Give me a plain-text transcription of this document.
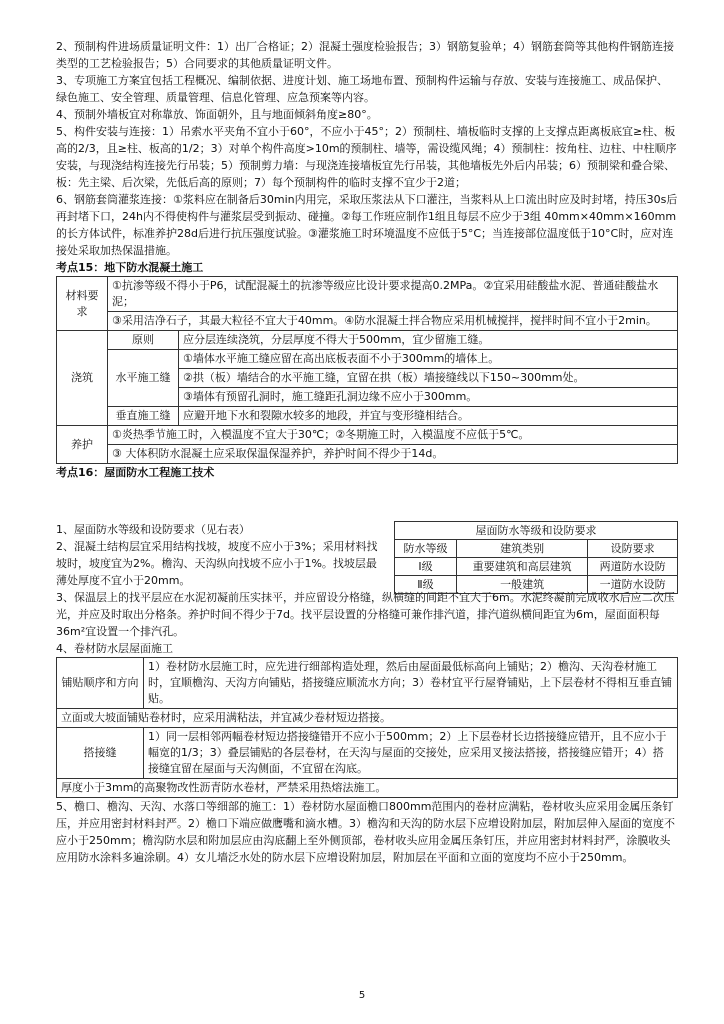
2、预制构件进场质量证明文件：1）出厂合格证；2）混凝土强度检验报告；3）钢筋复验单；4）钢筋套筒等其他构件钢筋连接类型的工艺检验报告；5）合同要求的其他质量证明文件。

3、专项施工方案宜包括工程概况、编制依据、进度计划、施工场地布置、预制构件运输与存放、安装与连接施工、成品保护、绿色施工、安全管理、质量管理、信息化管理、应急预案等内容。

4、预制外墙板宜对称靠放、饰面朝外，且与地面倾斜角度≥80°。

5、构件安装与连接：1）吊索水平夹角不宜小于60°，不应小于45°；2）预制柱、墙板临时支撑的上支撑点距离板底宜≥柱、板高的2/3，且≥柱、板高的1/2；3）对单个构件高度>10m的预制柱、墙等，需设缆风绳；4）预制柱：按角柱、边柱、中柱顺序安装，与现浇结构连接先行吊装；5）预制剪力墙：与现浇连接墙板宜先行吊装，其他墙板先外后内吊装；6）预制梁和叠合梁、板：先主梁、后次梁，先低后高的原则；7）每个预制构件的临时支撑不宜少于2道；

6、钢筋套筒灌浆连接：①浆料应在制备后30min内用完，采取压浆法从下口灌注，当浆料从上口流出时应及时封堵，持压30s后再封堵下口，24h内不得使构件与灌浆层受到振动、碰撞。②每工作班应制作1组且每层不应少于3组 40mm×40mm×160mm的长方体试件，标准养护28d后进行抗压强度试验。③灌浆施工时环境温度不应低于5°C；当连接部位温度低于10°C时，应对连接处采取加热保温措施。

考点15：地下防水混凝土施工
材料要求	①抗渗等级不得小于P6，试配混凝土的抗渗等级应比设计要求提高0.2MPa。②宜采用硅酸盐水泥、普通硅酸盐水泥；	
	③采用洁净石子，其最大粒径不宜大于40mm。④防水混凝土拌合物应采用机械搅拌，搅拌时间不宜小于2min。	
浇筑	原则	应分层连续浇筑，分层厚度不得大于500mm，宜少留施工缝。
	水平施工缝	①墙体水平施工缝应留在高出底板表面不小于300mm的墙体上。
		②拱（板）墙结合的水平施工缝，宜留在拱（板）墙接缝线以下150~300mm处。
		③墙体有预留孔洞时，施工缝距孔洞边缘不应小于300mm。
	垂直施工缝	应避开地下水和裂隙水较多的地段，并宜与变形缝相结合。
养护	①炎热季节施工时，入模温度不宜大于30℃；②冬期施工时，入模温度不应低于5℃。	
	③ 大体积防水混凝土应采取保温保湿养护，养护时间不得少于14d。	
考点16：屋面防水工程施工技术

1、屋面防水等级和设防要求（见右表）

2、混凝土结构层宜采用结构找坡，坡度不应小于3%；采用材料找坡时，坡度宜为2%。檐沟、天沟纵向找坡不应小于1%。找坡层最薄处厚度不宜小于20mm。

屋面防水等级和设防要求		
防水等级	建筑类别	设防要求
Ⅰ级	重要建筑和高层建筑	两道防水设防
Ⅱ级	一般建筑	一道防水设防

3、保温层上的找平层应在水泥初凝前压实抹平，并应留设分格缝，纵横缝的间距不宜大于6m。水泥终凝前完成收水后应二次压光，并应及时取出分格条。养护时间不得少于7d。找平层设置的分格缝可兼作排汽道，排汽道纵横间距宜为6m，屋面面积每36m²宜设置一个排汽孔。

4、卷材防水层屋面施工

铺贴顺序和方向	1）卷材防水层施工时，应先进行细部构造处理，然后由屋面最低标高向上铺贴；2）檐沟、天沟卷材施工时，宜顺檐沟、天沟方向铺贴，搭接缝应顺流水方向；3）卷材宜平行屋脊铺贴，上下层卷材不得相互垂直铺贴。
立面或大坡面铺贴卷材时，应采用满粘法，并宜减少卷材短边搭接。	
搭接缝	1）同一层相邻两幅卷材短边搭接缝错开不应小于500mm；2）上下层卷材长边搭接缝应错开，且不应小于幅宽的1/3；3）叠层铺贴的各层卷材，在天沟与屋面的交接处，应采用叉接法搭接，搭接缝应错开；4）搭接缝宜留在屋面与天沟侧面，不宜留在沟底。
厚度小于3mm的高聚物改性沥青防水卷材，严禁采用热熔法施工。	

5、檐口、檐沟、天沟、水落口等细部的施工：1）卷材防水屋面檐口800mm范围内的卷材应满粘，卷材收头应采用金属压条钉压，并应用密封材料封严。2）檐口下端应做鹰嘴和滴水槽。3）檐沟和天沟的防水层下应增设附加层，附加层伸入屋面的宽度不应小于250mm；檐沟防水层和附加层应由沟底翻上至外侧顶部，卷材收头应用金属压条钉压，并应用密封材料封严，涂膜收头应用防水涂料多遍涂刷。4）女儿墙泛水处的防水层下应增设附加层，附加层在平面和立面的宽度均不应小于250mm。

5
